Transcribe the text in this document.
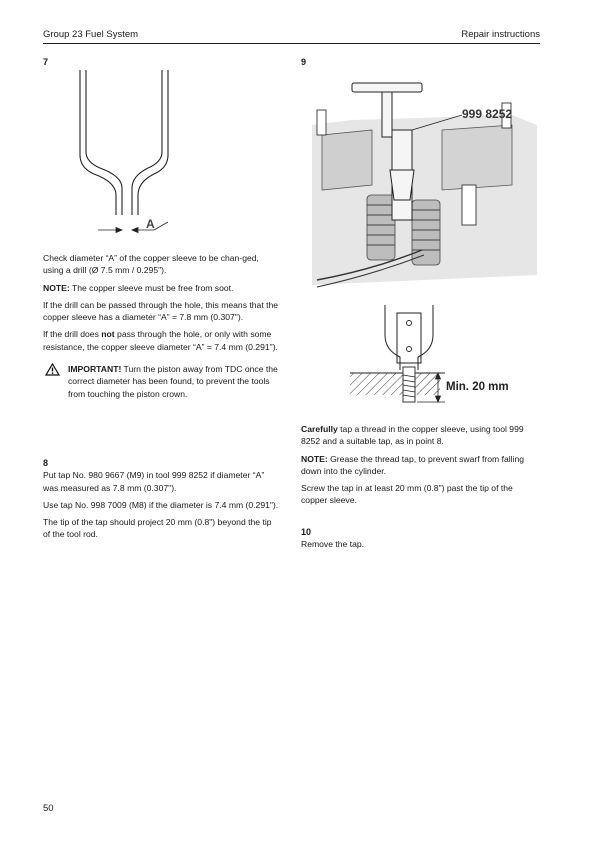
Group 23 Fuel System	Repair instructions
7
A

Check diameter “A” of the copper sleeve to be chan-ged, using a drill (Ø 7.5 mm / 0.295").

NOTE: The copper sleeve must be free from soot.

If the drill can be passed through the hole, this means that the copper sleeve has a diameter “A” = 7.8 mm (0.307").

If the drill does not pass through the hole, or only with some resistance, the copper sleeve diameter “A” = 7.4 mm (0.291").

IMPORTANT! Turn the piston away from TDC once the correct diameter has been found, to prevent the tools from touching the piston crown.
8

Put tap No. 980 9667 (M9) in tool 999 8252 if diameter “A” was measured as 7.8 mm (0.307").

Use tap No. 998 7009 (M8) if the diameter is 7.4 mm (0.291").

The tip of the tap should project 20 mm (0.8") beyond the tip of the tool rod.

9
999 8252
Min. 20 mm

Carefully tap a thread in the copper sleeve, using tool 999 8252 and a suitable tap, as in point 8.

NOTE: Grease the thread tap, to prevent swarf from falling down into the cylinder.

Screw the tap in at least 20 mm (0.8") past the tip of the copper sleeve.

10

Remove the tap.

50
